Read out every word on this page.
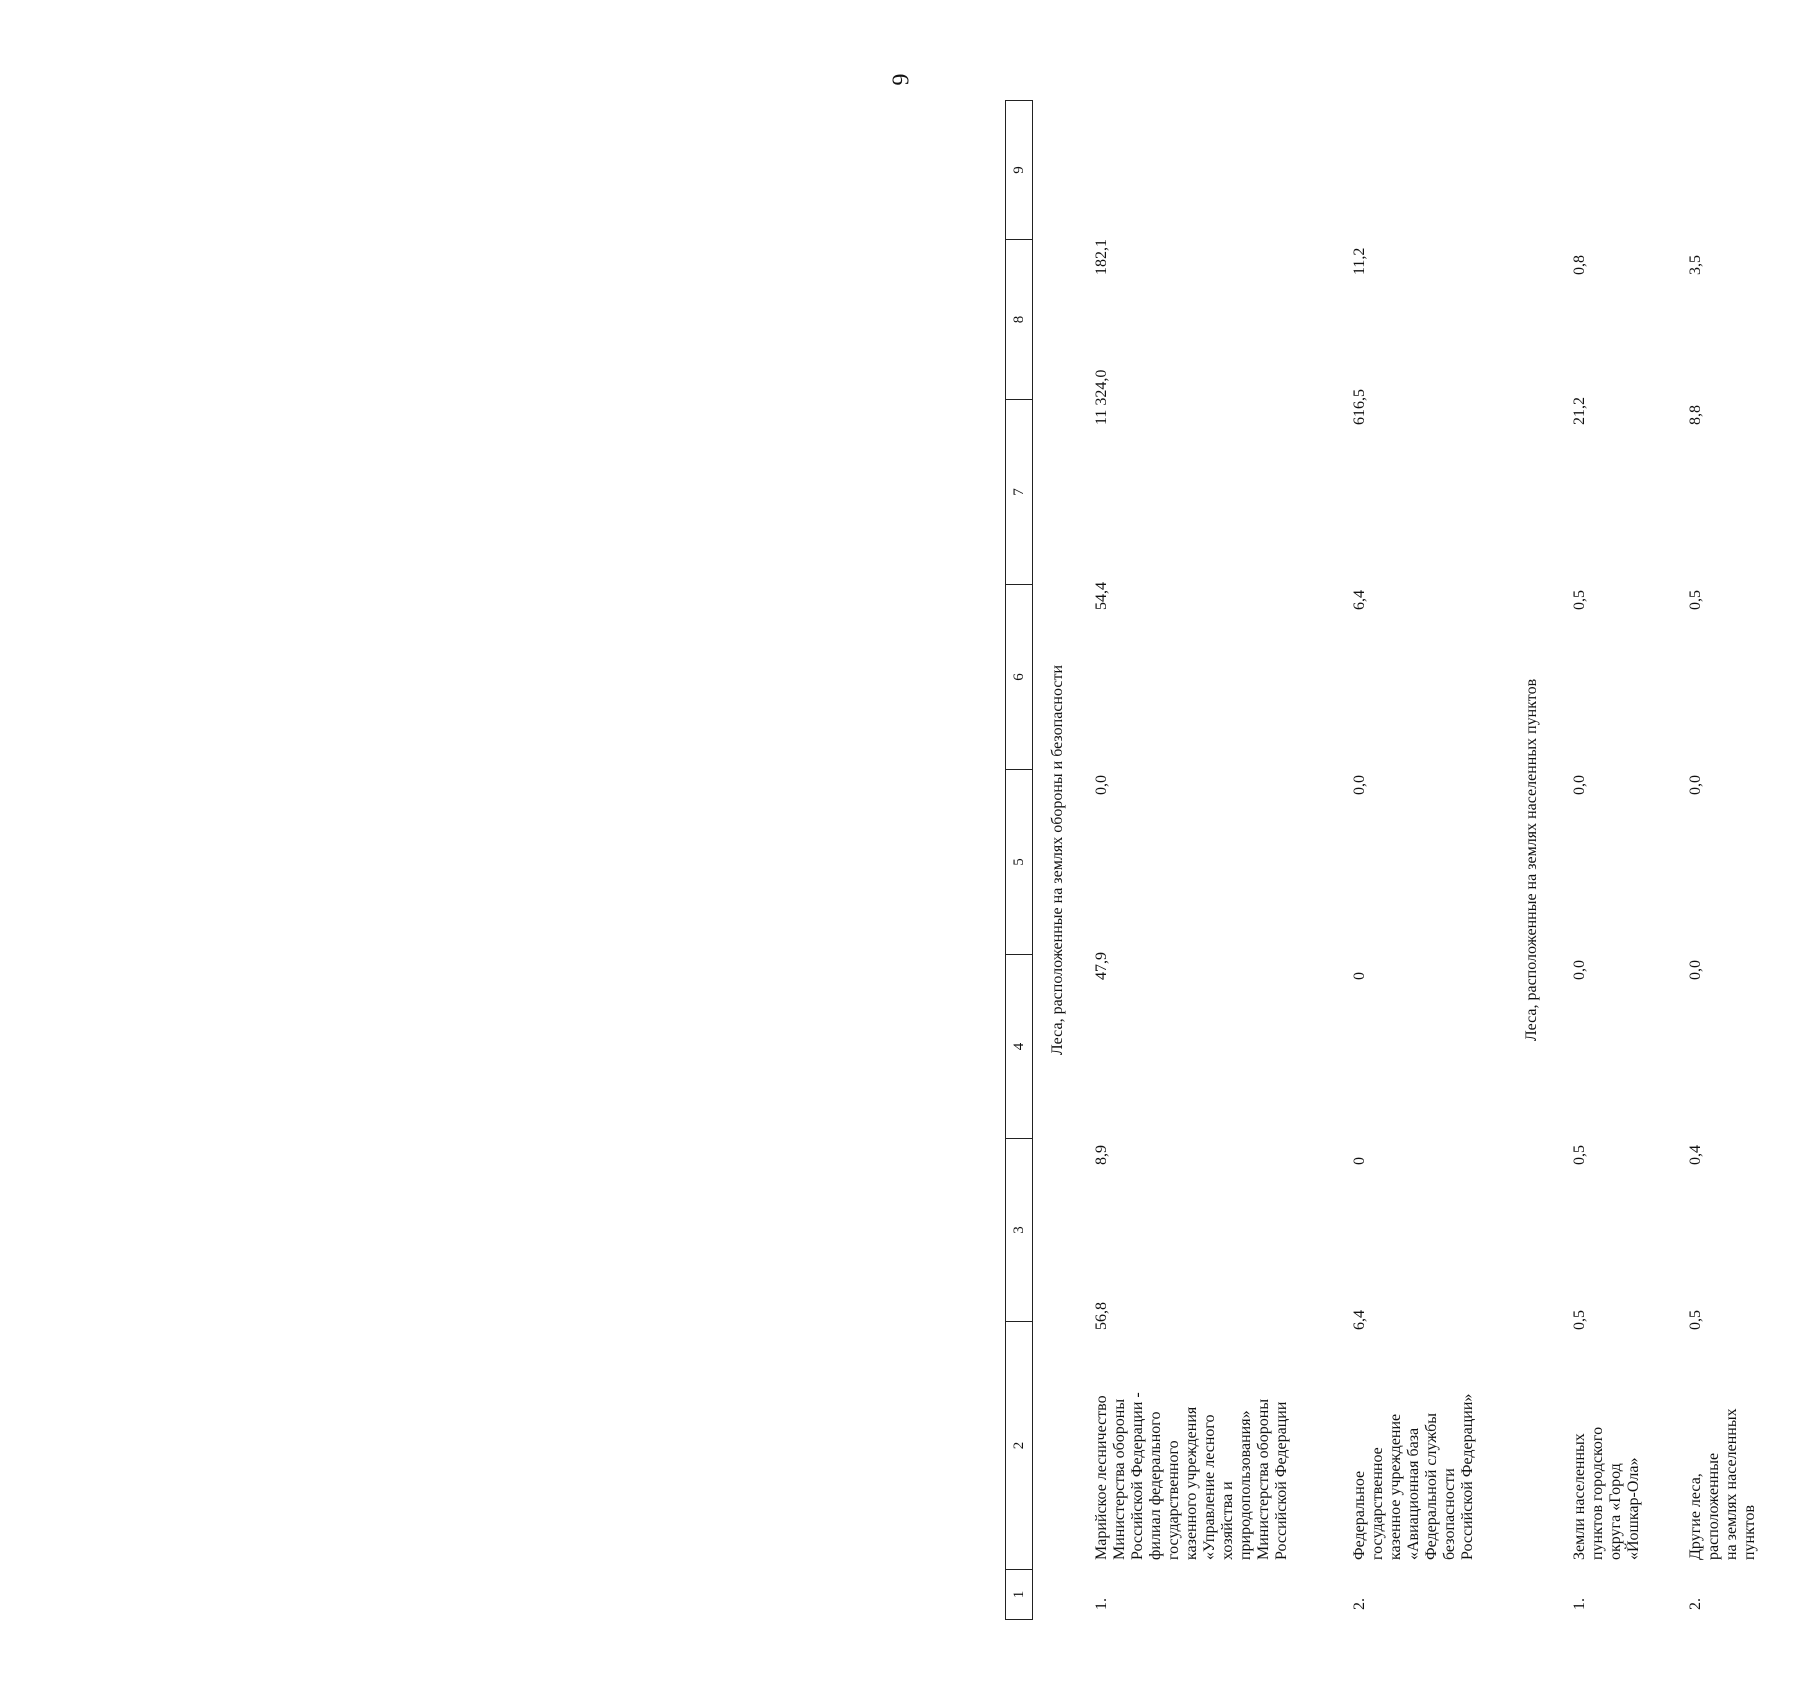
6
1
2
3
4
5
6
7
8
9
Леса, расположенные на землях обороны и безопасности
1.
Марийское лесничество
Министерства обороны
Российской Федерации -
филиал федерального
государственного
казенного учреждения
«Управление лесного
хозяйства и
природопользования»
Министерства обороны
Российской Федерации
56,8
8,9
47,9
0,0
54,4
11 324,0
182,1
2.
Федеральное
государственное
казенное учреждение
«Авиационная база
Федеральной службы
безопасности
Российской Федерации»
6,4
0
0
0,0
6,4
616,5
11,2
Леса, расположенные на землях населенных пунктов
1.
Земли населенных
пунктов городского
округа «Город
«Йошкар-Ола»
0,5
0,5
0,0
0,0
0,5
21,2
0,8
2.
Другие леса,
расположенные
на землях населенных
пунктов
0,5
0,4
0,0
0,0
0,5
8,8
3,5
